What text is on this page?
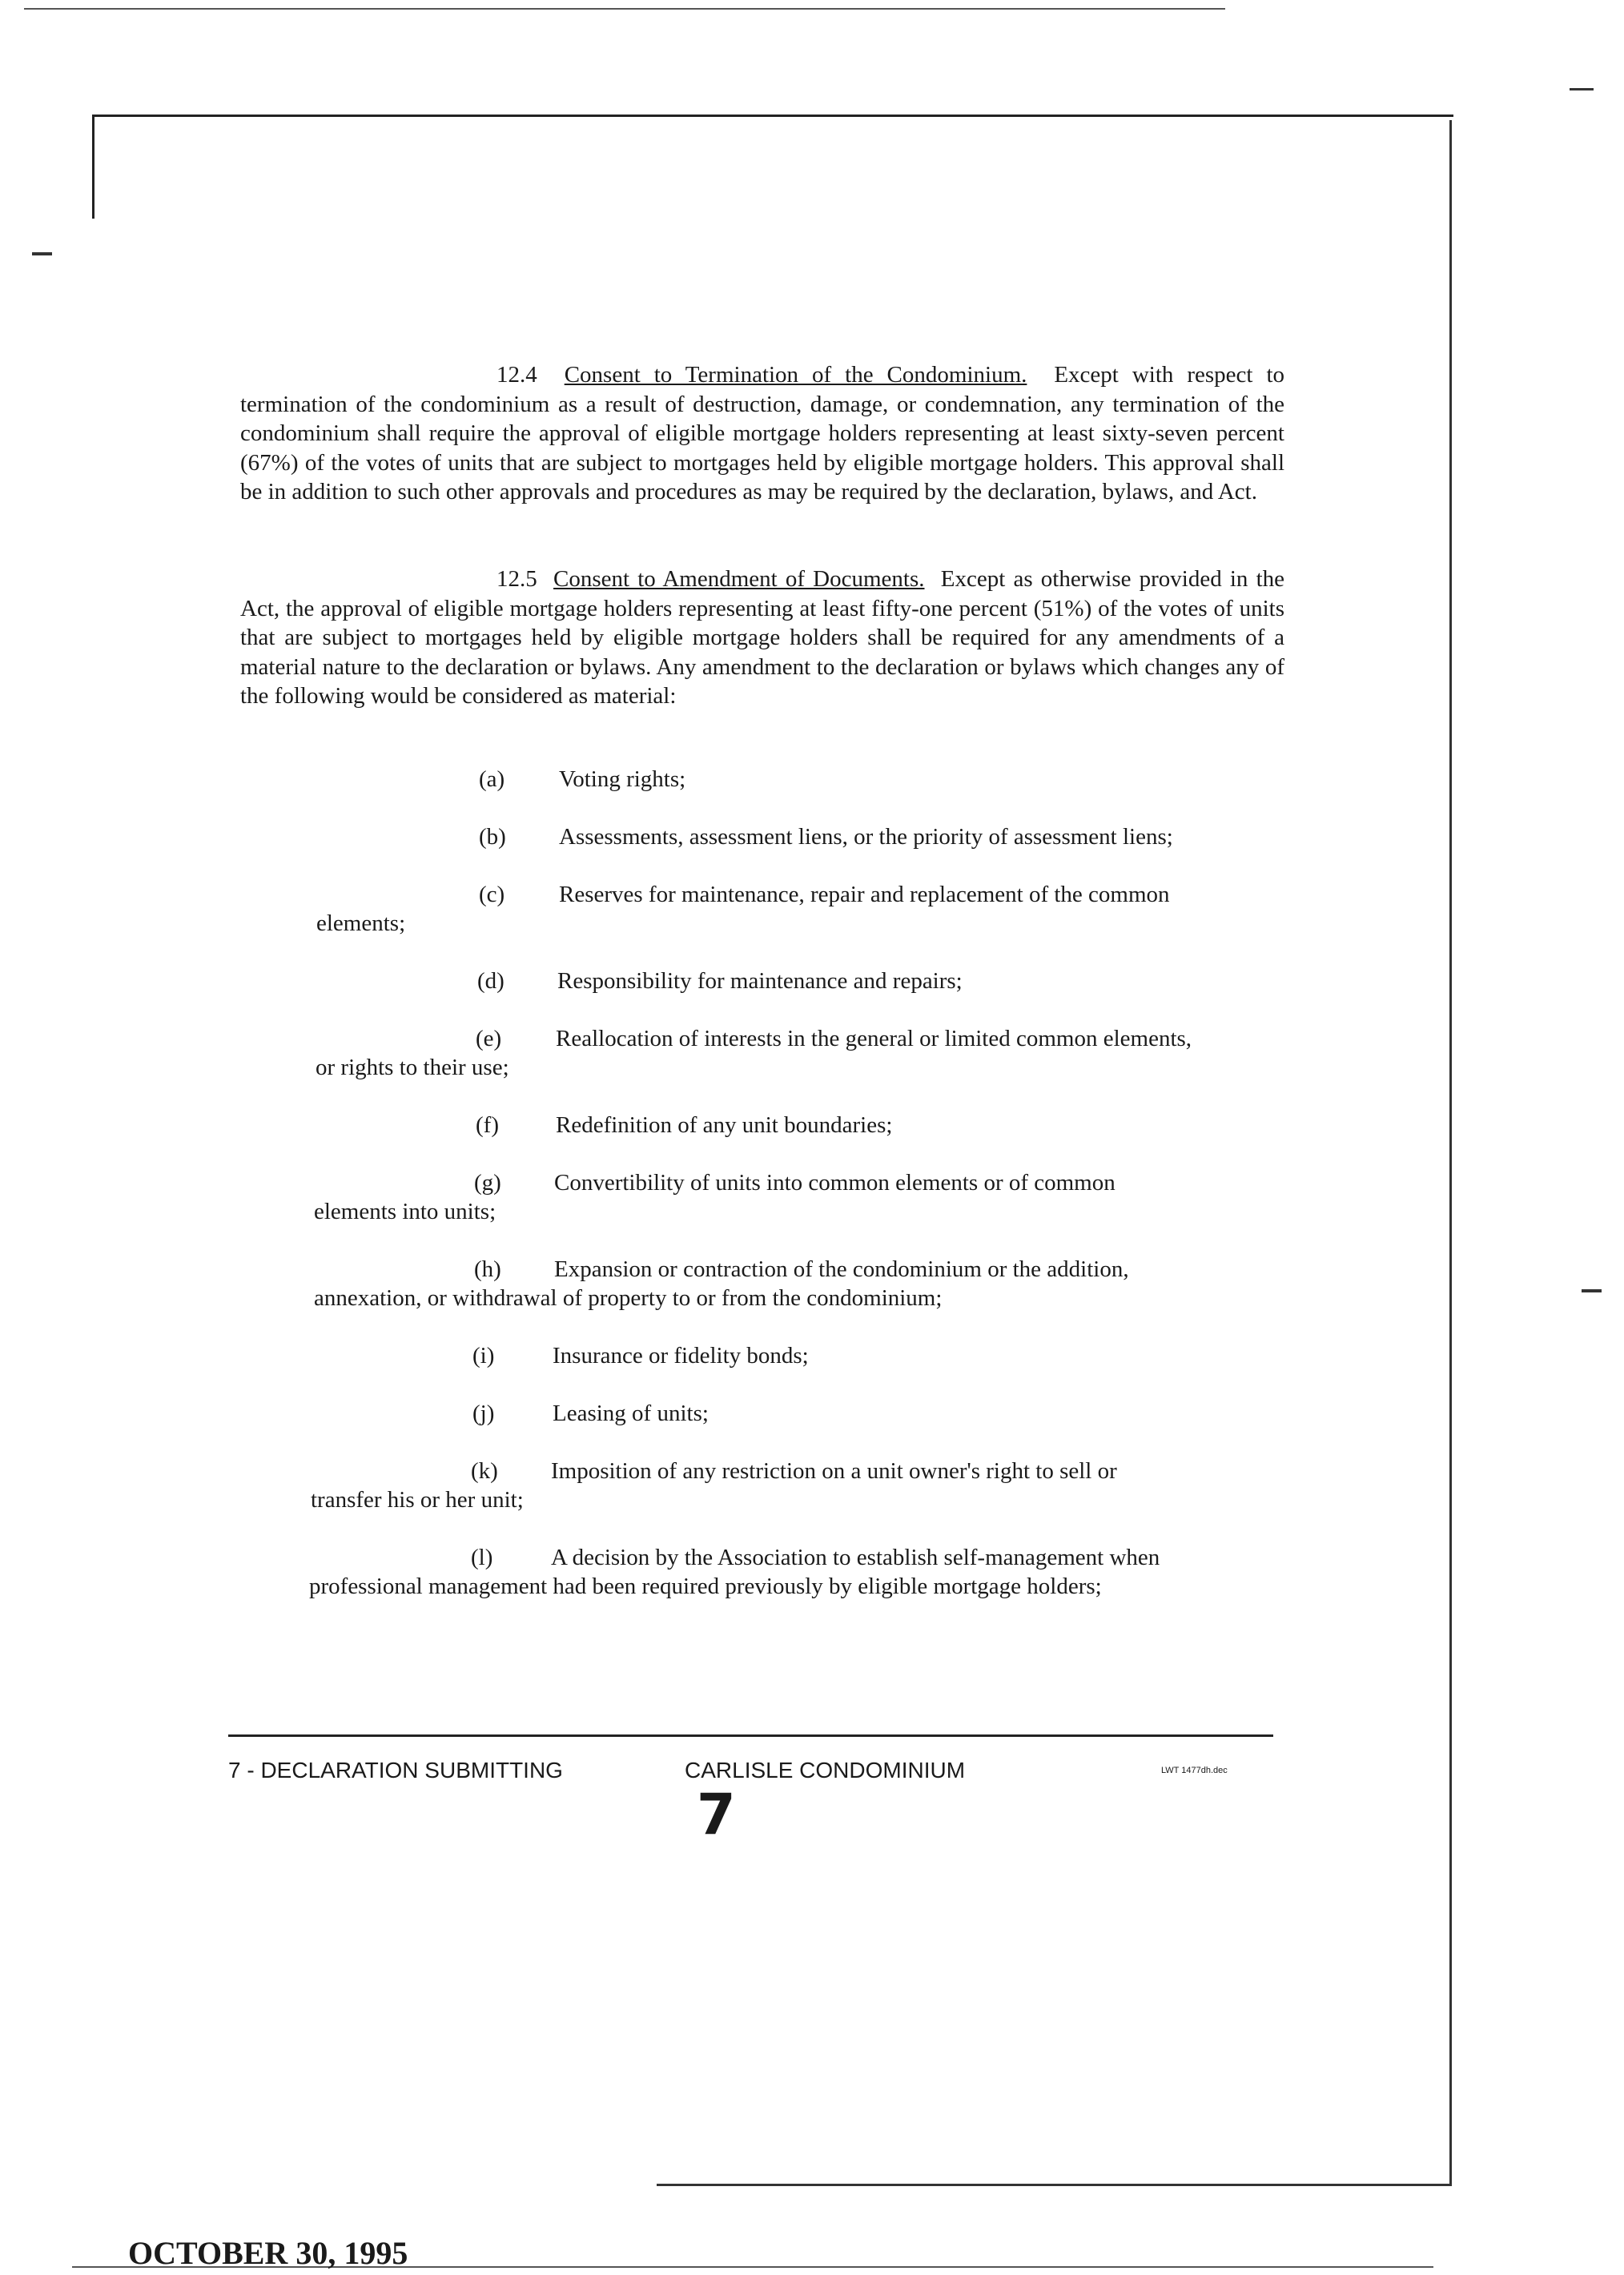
12.4 Consent to Termination of the Condominium. Except with respect to termination of the condominium as a result of destruction, damage, or condemnation, any termination of the condominium shall require the approval of eligible mortgage holders representing at least sixty-seven percent (67%) of the votes of units that are subject to mortgages held by eligible mortgage holders. This approval shall be in addition to such other approvals and procedures as may be required by the declaration, bylaws, and Act.
12.5 Consent to Amendment of Documents. Except as otherwise provided in the Act, the approval of eligible mortgage holders representing at least fifty-one percent (51%) of the votes of units that are subject to mortgages held by eligible mortgage holders shall be required for any amendments of a material nature to the declaration or bylaws. Any amendment to the declaration or bylaws which changes any of the following would be considered as material:
(a) Voting rights;
(b) Assessments, assessment liens, or the priority of assessment liens;
(c) Reserves for maintenance, repair and replacement of the common
elements;
(d) Responsibility for maintenance and repairs;
(e) Reallocation of interests in the general or limited common elements,
or rights to their use;
(f) Redefinition of any unit boundaries;
(g) Convertibility of units into common elements or of common
elements into units;
(h) Expansion or contraction of the condominium or the addition,
annexation, or withdrawal of property to or from the condominium;
(i)	Insurance or fidelity bonds;
(j)	Leasing of units;
(k) Imposition of any restriction on a unit owner's right to sell or
transfer his or her unit;
(l)	A decision by the Association to establish self-management when
professional management had been required previously by eligible mortgage holders;
7 - DECLARATION SUBMITTING	CARLISLE CONDOMINIUM	LWT 1477dh.dec
7
OCTOBER 30, 1995
